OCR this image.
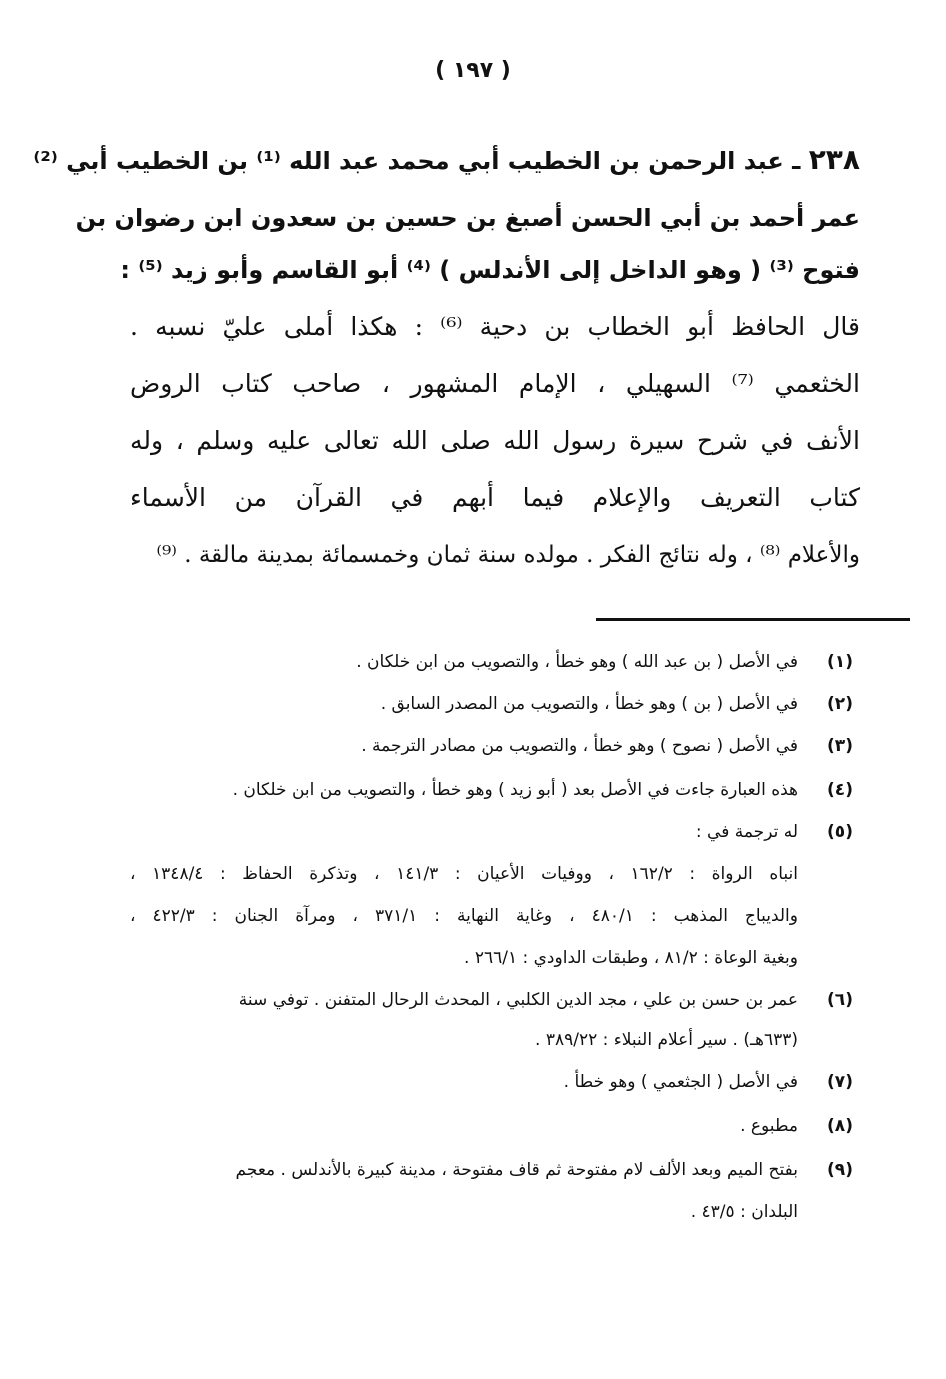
( ١٩٧ )
٢٣٨ ـ عبد الرحمن بن الخطيب أبي محمد عبد الله ⁽¹⁾ بن الخطيب أبي ⁽²⁾
عمر أحمد بن أبي الحسن أصبغ بن حسين بن سعدون ابن رضوان بن
فتوح ⁽³⁾ ( وهو الداخل إلى الأندلس ) ⁽⁴⁾ أبو القاسم وأبو زيد ⁽⁵⁾ :
قال الحافظ أبو الخطاب بن دحية ⁽⁶⁾ : هكذا أملى عليّ نسبه .
الخثعمي ⁽⁷⁾ السهيلي ، الإمام المشهور ، صاحب كتاب الروض
الأنف في شرح سيرة رسول الله صلى الله تعالى عليه وسلم ، وله
كتاب التعريف والإعلام فيما أبهم في القرآن من الأسماء
والأعلام ⁽⁸⁾ ، وله نتائج الفكر . مولده سنة ثمان وخمسمائة بمدينة مالقة . ⁽⁹⁾
(١)
في الأصل ( بن عبد الله ) وهو خطأ ، والتصويب من ابن خلكان .
(٢)
في الأصل ( بن ) وهو خطأ ، والتصويب من المصدر السابق .
(٣)
في الأصل ( نصوح ) وهو خطأ ، والتصويب من مصادر الترجمة .
(٤)
هذه العبارة جاءت في الأصل بعد ( أبو زيد ) وهو خطأ ، والتصويب من ابن خلكان .
(٥)
له ترجمة في :
انباه الرواة : ١٦٢/٢ ، ووفيات الأعيان : ١٤١/٣ ، وتذكرة الحفاظ : ١٣٤٨/٤ ،
والديباج المذهب : ٤٨٠/١ ، وغاية النهاية : ٣٧١/١ ، ومرآة الجنان : ٤٢٢/٣ ،
وبغية الوعاة : ٨١/٢ ، وطبقات الداودي : ٢٦٦/١ .
(٦)
عمر بن حسن بن علي ، مجد الدين الكلبي ، المحدث الرحال المتفنن . توفي سنة
(٦٣٣هـ) . سير أعلام النبلاء : ٣٨٩/٢٢ .
(٧)
في الأصل ( الجثعمي ) وهو خطأ .
(٨)
مطبوع .
(٩)
بفتح الميم وبعد الألف لام مفتوحة ثم قاف مفتوحة ، مدينة كبيرة بالأندلس . معجم
البلدان : ٤٣/٥ .
